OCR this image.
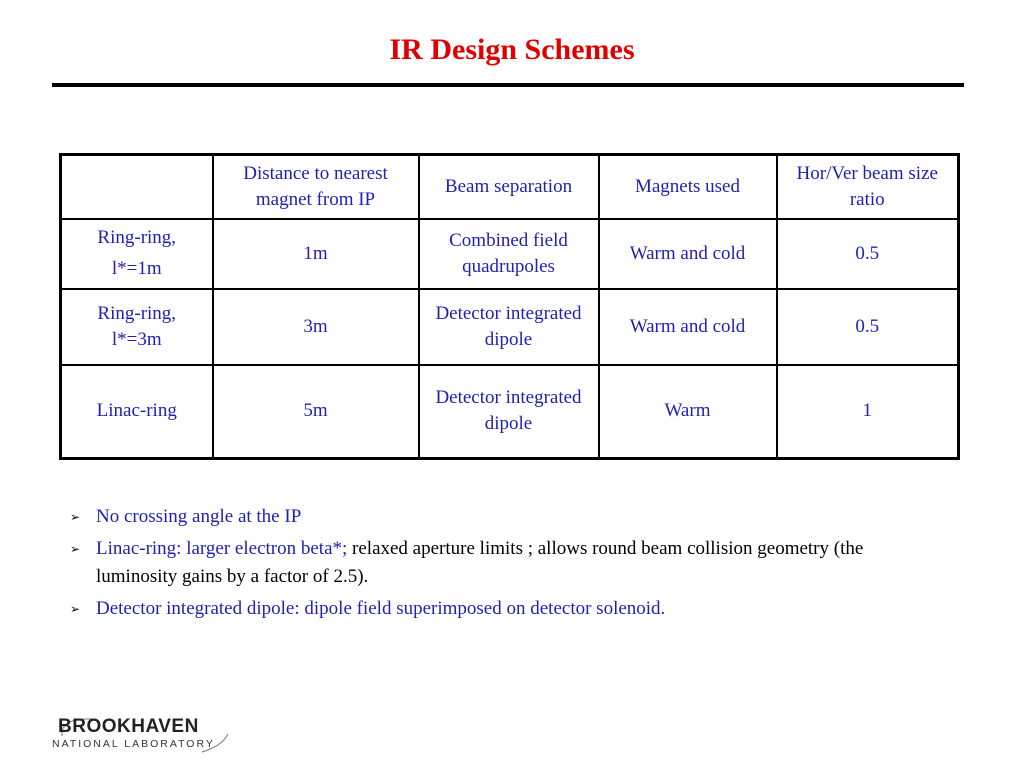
IR Design Schemes
	Distance to nearest magnet from IP	Beam separation	Magnets used	Hor/Ver beam size ratio

Ring-ring,
l*=1m	1m	Combined field quadrupoles	Warm and cold	0.5

Ring-ring,
l*=3m	3m	Detector integrated dipole	Warm and cold	0.5
Linac-ring	5m	Detector integrated dipole	Warm	1
➢ No crossing angle at the IP
➢ Linac-ring: larger electron beta*; relaxed aperture limits ; allows round beam collision geometry (the luminosity gains by a factor of 2.5).
➢ Detector integrated dipole: dipole field superimposed on detector solenoid.
BROOKHAVEN
NATIONAL LABORATORY
